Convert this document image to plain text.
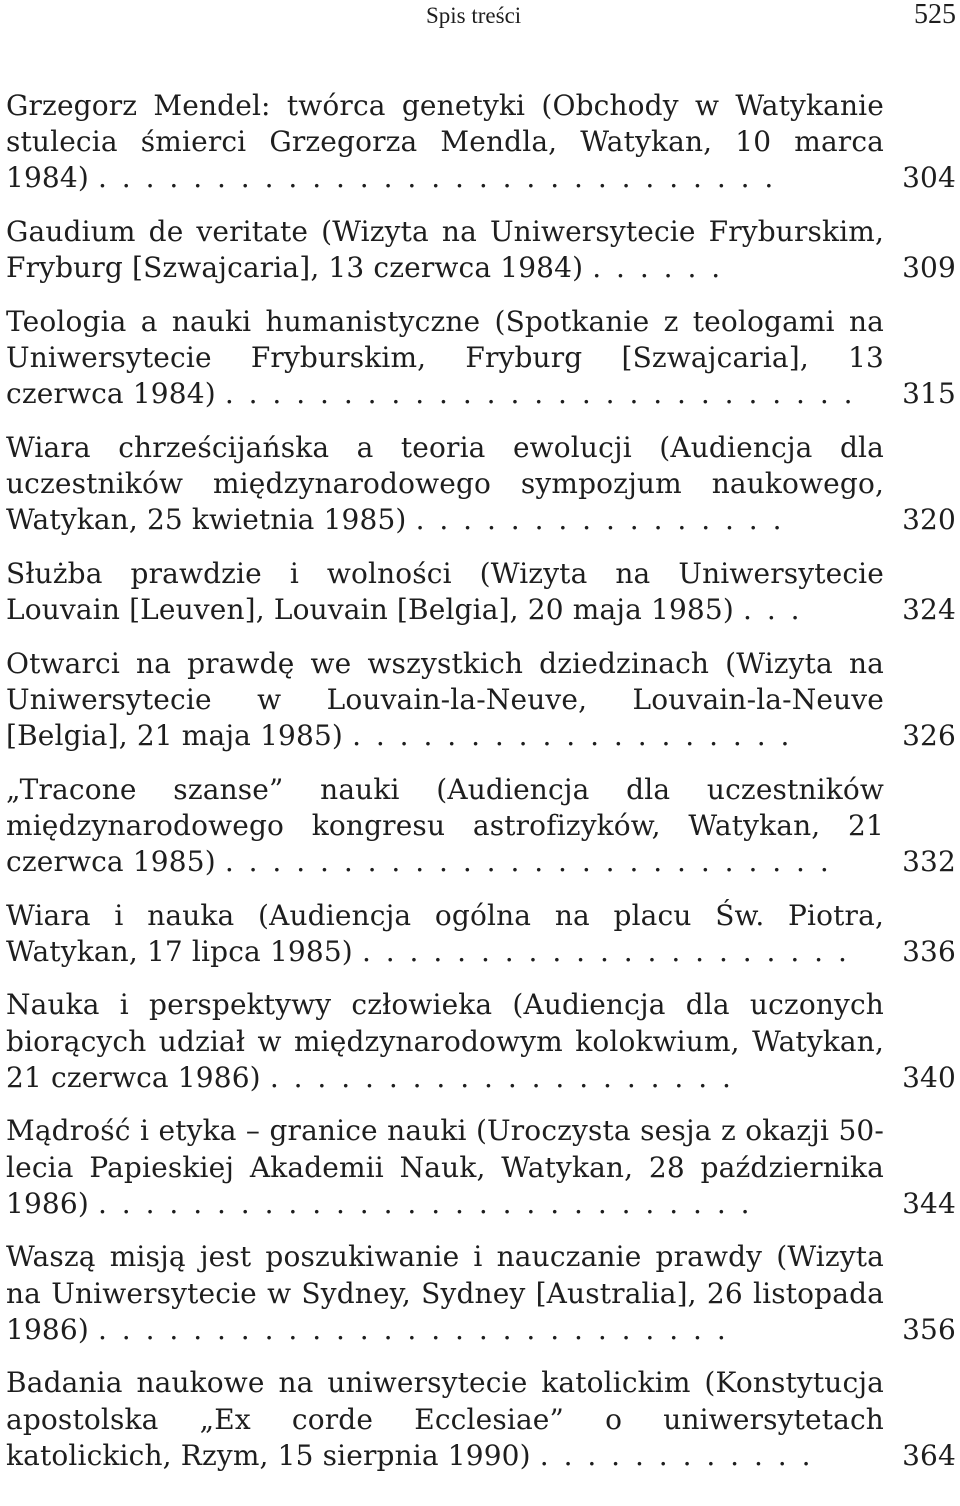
Spis treści	525
Grzegorz Mendel: twórca genetyki (Obchody w Watykanie stulecia śmierci Grzegorza Mendla, Watykan, 10 marca 1984) . . . . . . . . . . . . . . . . . . . . . . . . . . . . .	304
Gaudium de veritate (Wizyta na Uniwersytecie Fryburskim, Fryburg [Szwajcaria], 13 czerwca 1984) . . . . . .	309
Teologia a nauki humanistyczne (Spotkanie z teologami na Uniwersytecie Fryburskim, Fryburg [Szwajcaria], 13 czerwca 1984) . . . . . . . . . . . . . . . . . . . . . . . . . . .	315
Wiara chrześcijańska a teoria ewolucji (Audiencja dla uczestników międzynarodowego sympozjum naukowego, Watykan, 25 kwietnia 1985) . . . . . . . . . . . . . . . .	320
Służba prawdzie i wolności (Wizyta na Uniwersytecie Louvain [Leuven], Louvain [Belgia], 20 maja 1985) . . .	324
Otwarci na prawdę we wszystkich dziedzinach (Wizyta na Uniwersytecie w Louvain-la-Neuve, Louvain-la-Neuve [Belgia], 21 maja 1985) . . . . . . . . . . . . . . . . . . .	326
„Tracone szanse” nauki (Audiencja dla uczestników międzynarodowego kongresu astrofizyków, Watykan, 21 czerwca 1985) . . . . . . . . . . . . . . . . . . . . . . . . . .	332
Wiara i nauka (Audiencja ogólna na placu Św. Piotra, Watykan, 17 lipca 1985) . . . . . . . . . . . . . . . . . . . . .	336
Nauka i perspektywy człowieka (Audiencja dla uczonych biorących udział w międzynarodowym kolokwium, Watykan, 21 czerwca 1986) . . . . . . . . . . . . . . . . . . . .	340
Mądrość i etyka – granice nauki (Uroczysta sesja z okazji 50-lecia Papieskiej Akademii Nauk, Watykan, 28 października 1986) . . . . . . . . . . . . . . . . . . . . . . . . . . . .	344
Waszą misją jest poszukiwanie i nauczanie prawdy (Wizyta na Uniwersytecie w Sydney, Sydney [Australia], 26 listopada 1986) . . . . . . . . . . . . . . . . . . . . . . . . . . .	356
Badania naukowe na uniwersytecie katolickim (Konstytucja apostolska „Ex corde Ecclesiae” o uniwersytetach katolickich, Rzym, 15 sierpnia 1990) . . . . . . . . . . . .	364
